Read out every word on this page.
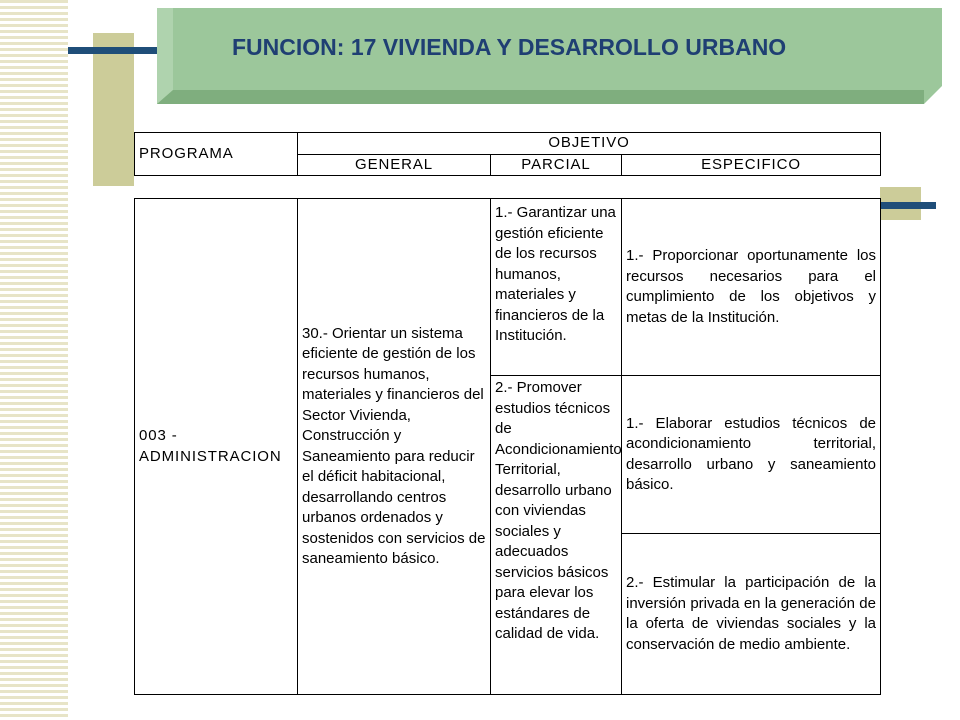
FUNCION: 17 VIVIENDA Y DESARROLLO URBANO
PROGRAMA	OBJETIVO		
	GENERAL	PARCIAL	ESPECIFICO
003 - ADMINISTRACION	30.- Orientar un sistema eficiente de gestión de los recursos humanos, materiales y financieros del Sector Vivienda, Construcción y Saneamiento para reducir el déficit habitacional, desarrollando centros urbanos ordenados y sostenidos con servicios de saneamiento básico.	1.- Garantizar una gestión eficiente de los recursos humanos, materiales y financieros de la Institución.	1.- Proporcionar oportunamente los recursos necesarios para el cumplimiento de los objetivos y metas de la Institución.
		2.- Promover estudios técnicos de Acondicionamiento Territorial, desarrollo urbano con viviendas sociales y adecuados servicios básicos para elevar los estándares de calidad de vida.	1.- Elaborar estudios técnicos de acondicionamiento territorial, desarrollo urbano y saneamiento básico.
			2.- Estimular la participación de la inversión privada en la generación de la oferta de viviendas sociales y la conservación de medio ambiente.
